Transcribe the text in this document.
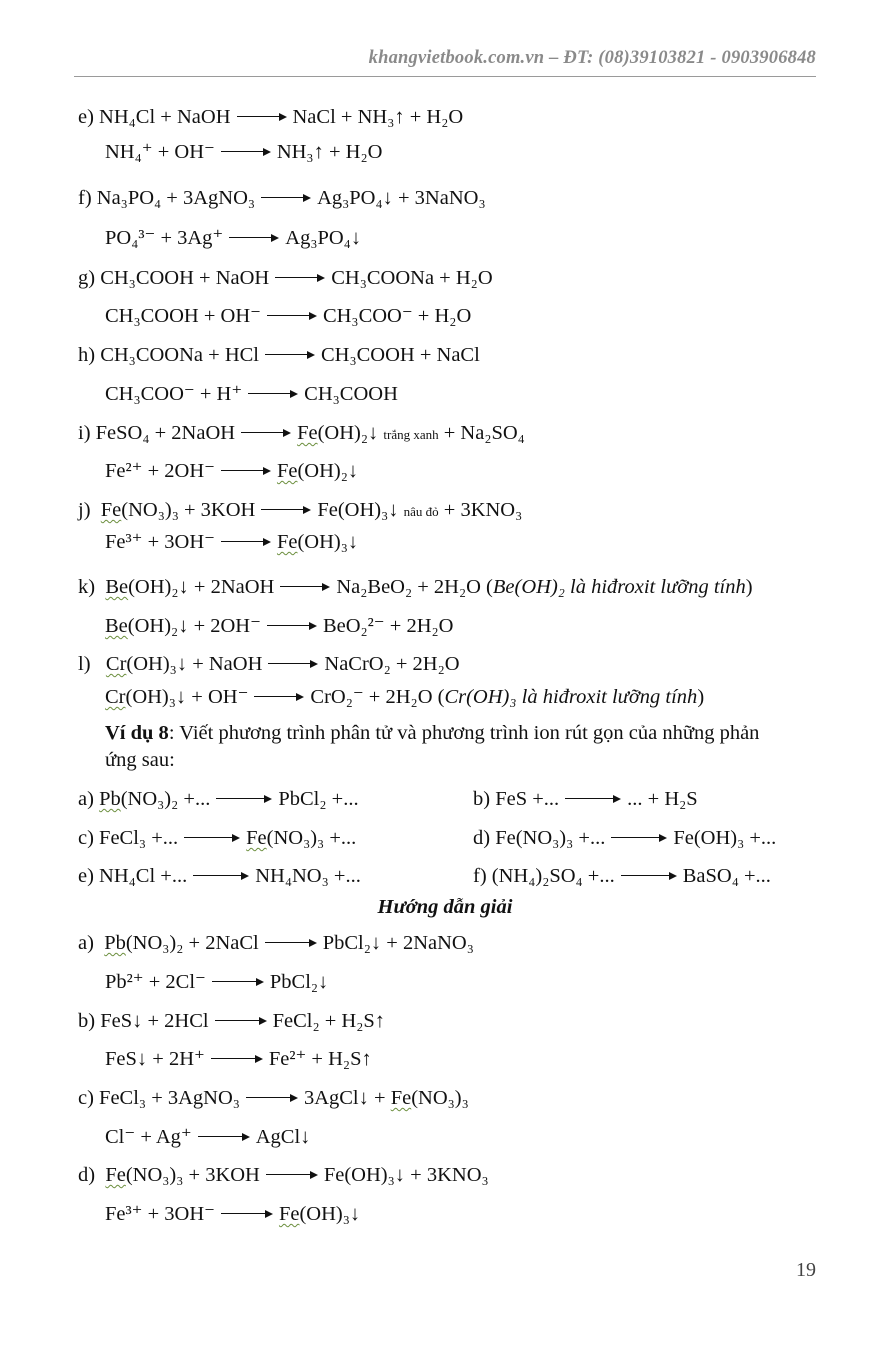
khangvietbook.com.vn – ĐT: (08)39103821 - 0903906848
e) NH₄Cl + NaOH	NaCl + NH₃↑ + H₂O
NH₄⁺ + OH⁻	NH₃↑ + H₂O
f) Na₃PO₄ + 3AgNO₃	Ag₃PO₄↓ + 3NaNO₃
PO₄³⁻ + 3Ag⁺	Ag₃PO₄↓
g) CH₃COOH + NaOH	CH₃COONa + H₂O
CH₃COOH + OH⁻	CH₃COO⁻ + H₂O
h) CH₃COONa + HCl	CH₃COOH + NaCl
CH₃COO⁻ + H⁺	CH₃COOH
i) FeSO₄ + 2NaOH	Fe(OH)₂↓ trắng xanh + Na₂SO₄
Fe²⁺ + 2OH⁻	Fe(OH)₂↓
j) Fe(NO₃)₃ + 3KOH	Fe(OH)₃↓ nâu đỏ + 3KNO₃
Fe³⁺ + 3OH⁻	Fe(OH)₃↓
k) Be(OH)₂↓ + 2NaOH	Na₂BeO₂ + 2H₂O (Be(OH)₂ là hiđroxit lưỡng tính)
Be(OH)₂↓ + 2OH⁻	BeO₂²⁻ + 2H₂O
l) Cr(OH)₃↓ + NaOH	NaCrO₂ + 2H₂O
Cr(OH)₃↓ + OH⁻	CrO₂⁻ + 2H₂O (Cr(OH)₃ là hiđroxit lưỡng tính)
Ví dụ 8: Viết phương trình phân tử và phương trình ion rút gọn của những phản
ứng sau:
a) Pb(NO₃)₂ +...	PbCl₂ +...	b) FeS +...	... + H₂S
c) FeCl₃ +...	Fe(NO₃)₃ +...	d) Fe(NO₃)₃ +...	Fe(OH)₃ +...
e) NH₄Cl +...	NH₄NO₃ +...	f) (NH₄)₂SO₄ +...	BaSO₄ +...
Hướng dẫn giải
a) Pb(NO₃)₂ + 2NaCl	PbCl₂↓ + 2NaNO₃
Pb²⁺ + 2Cl⁻	PbCl₂↓
b) FeS↓ + 2HCl	FeCl₂ + H₂S↑
FeS↓ + 2H⁺	Fe²⁺ + H₂S↑
c) FeCl₃ + 3AgNO₃	3AgCl↓ + Fe(NO₃)₃
Cl⁻ + Ag⁺	AgCl↓
d) Fe(NO₃)₃ + 3KOH	Fe(OH)₃↓ + 3KNO₃
Fe³⁺ + 3OH⁻	Fe(OH)₃↓
19
